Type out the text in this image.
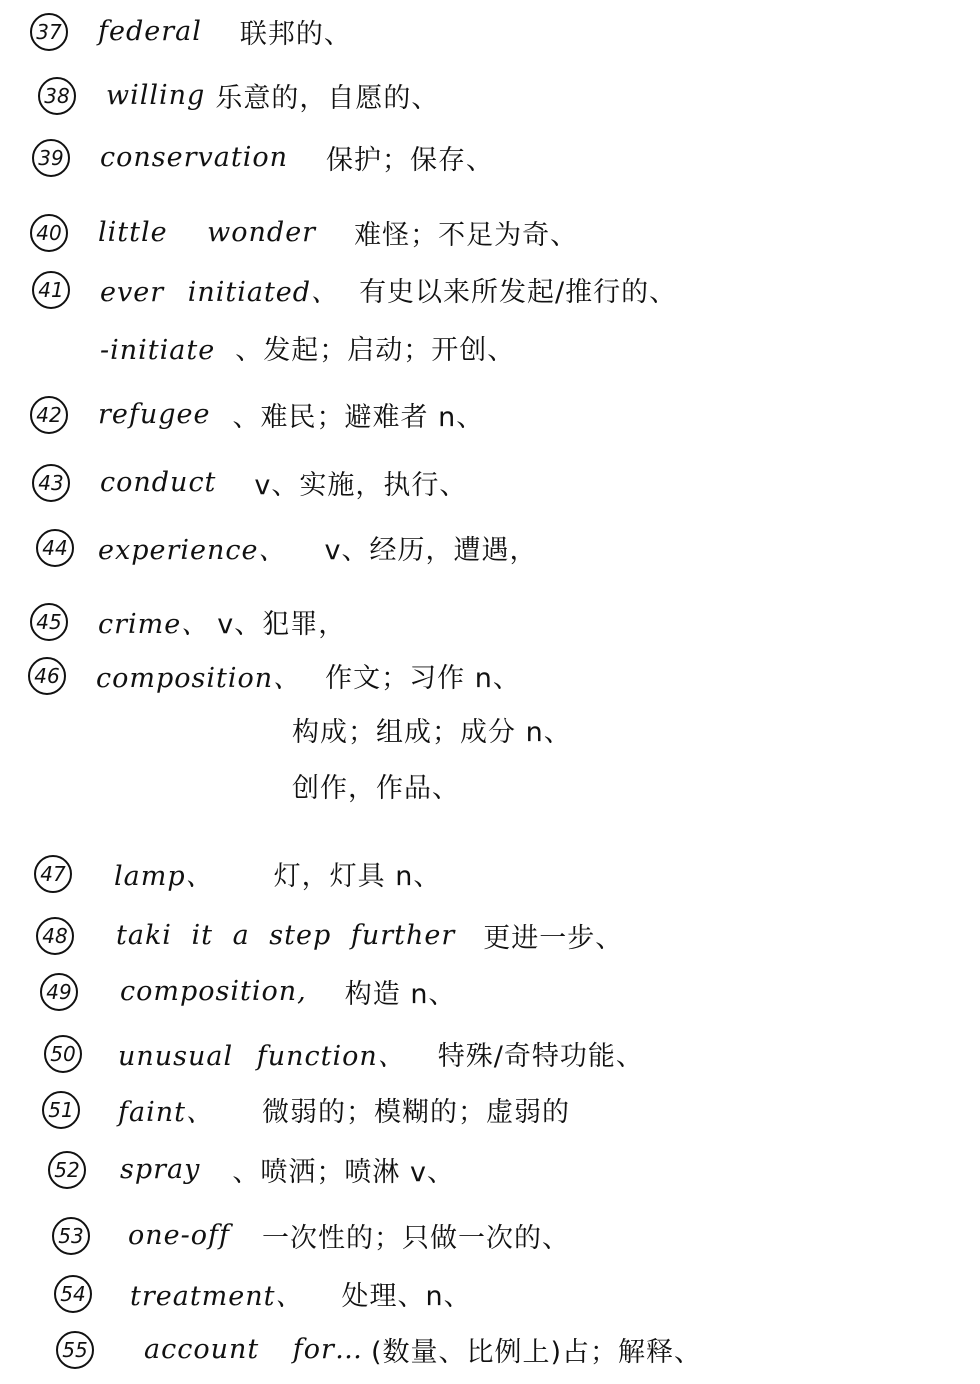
37 federal 联邦的、
38 willing 乐意的，自愿的、
39 conservation 保护；保存、
40 little wonder 难怪；不足为奇、
41 ever initiated、 有史以来所发起/推行的、
-initiate 、发起；启动；开创、
42 refugee 、难民；避难者 n、
43 conduct v、实施，执行、
44 experience、 v、经历，遭遇，
45 crime、 v、犯罪，
46 composition、 作文；习作 n、
构成；组成；成分 n、
创作，作品、
47 lamp、 灯，灯具 n、
48 taki it a step further 更进一步、
49 composition, 构造 n、
50 unusual function、 特殊/奇特功能、
51 faint、 微弱的；模糊的；虚弱的
52 spray 、喷洒；喷淋 v、
53 one-off 一次性的；只做一次的、
54 treatment、 处理、n、
55 account for… (数量、比例上)占；解释、
